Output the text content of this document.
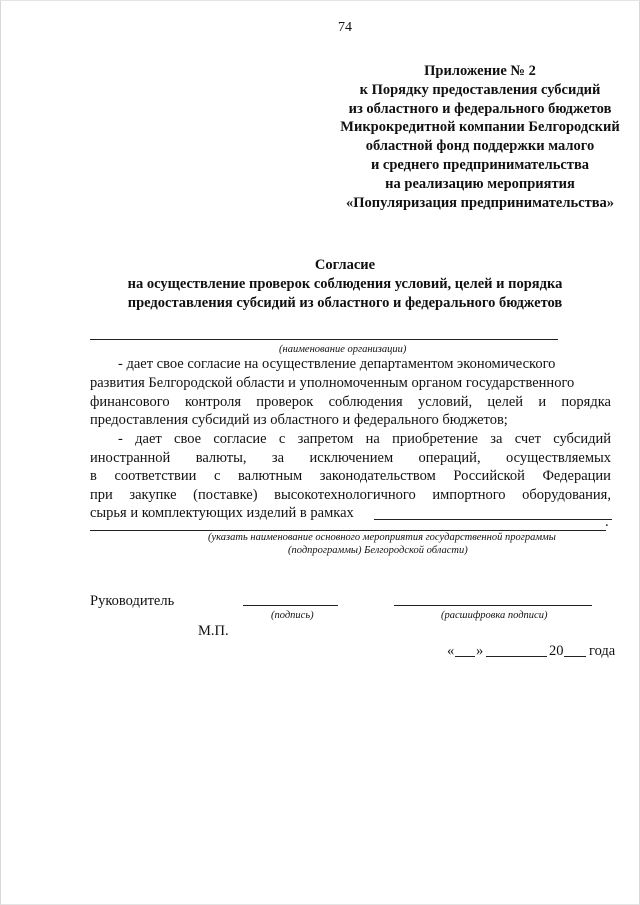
74
Приложение № 2
к Порядку предоставления субсидий
из областного и федерального бюджетов
Микрокредитной компании Белгородский
областной фонд поддержки малого
и среднего предпринимательства
на реализацию мероприятия
«Популяризация предпринимательства»
Согласие
на осуществление проверок соблюдения условий, целей и порядка
предоставления субсидий из областного и федерального бюджетов
(наименование организации)
- дает свое согласие на осуществление департаментом экономического
развития Белгородской области и уполномоченным органом государственного
финансового контроля проверок соблюдения условий, целей и порядка
предоставления субсидий из областного и федерального бюджетов;
- дает свое согласие с запретом на приобретение за счет субсидий
иностранной валюты, за исключением операций, осуществляемых
в соответствии с валютным законодательством Российской Федерации
при закупке (поставке) высокотехнологичного импортного оборудования,
сырья и комплектующих изделий в рамках
.
(указать наименование основного мероприятия государственной программы
(подпрограммы) Белгородской области)
Руководитель
(подпись)	(расшифровка подписи)
М.П.
« »	20 года
